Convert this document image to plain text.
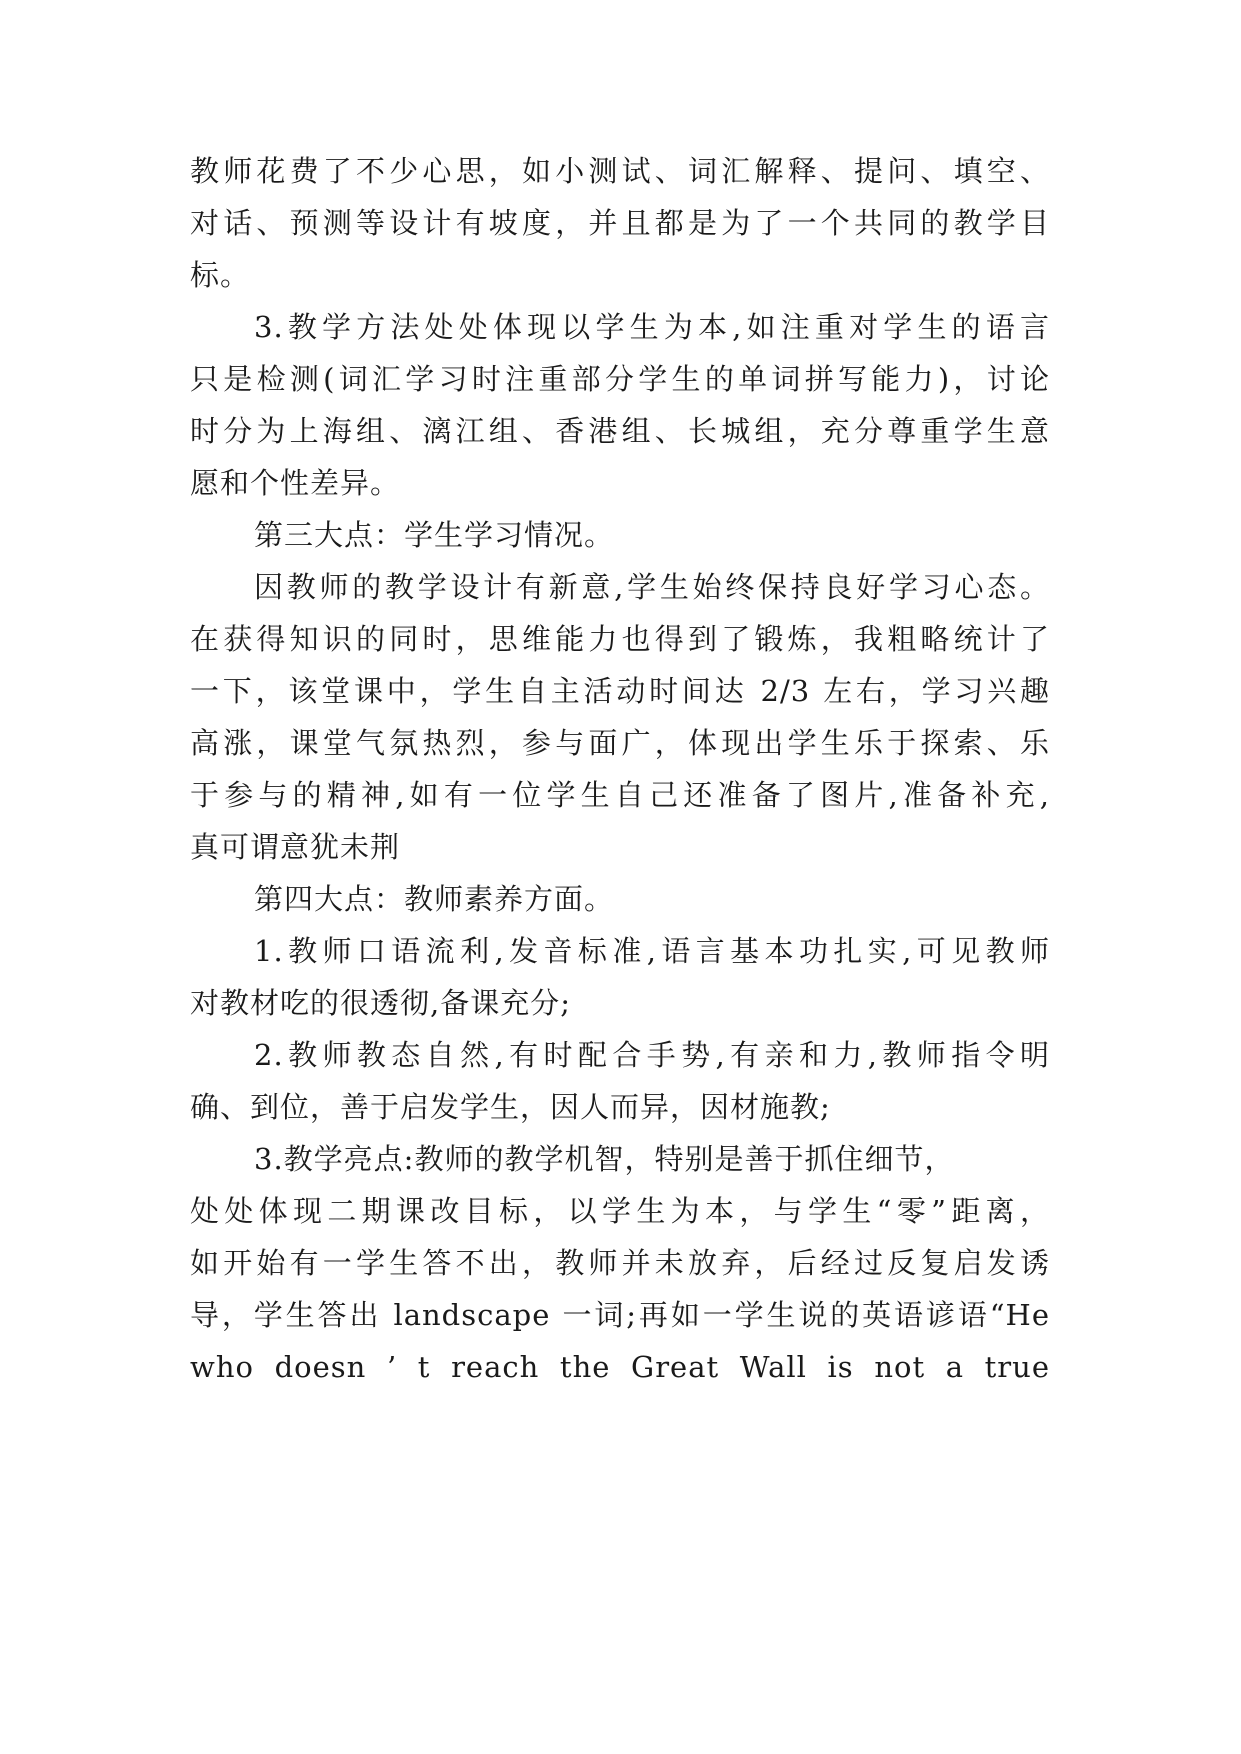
教师花费了不少心思，如小测试、词汇解释、提问、填空、
对话、预测等设计有坡度，并且都是为了一个共同的教学目
标。
3.教学方法处处体现以学生为本,如注重对学生的语言
只是检测(词汇学习时注重部分学生的单词拼写能力)，讨论
时分为上海组、漓江组、香港组、长城组，充分尊重学生意
愿和个性差异。
第三大点：学生学习情况。
因教师的教学设计有新意,学生始终保持良好学习心态。
在获得知识的同时，思维能力也得到了锻炼，我粗略统计了
一下，该堂课中，学生自主活动时间达 2/3 左右，学习兴趣
高涨，课堂气氛热烈，参与面广，体现出学生乐于探索、乐
于参与的精神,如有一位学生自己还准备了图片,准备补充,
真可谓意犹未荆
第四大点：教师素养方面。
1.教师口语流利,发音标准,语言基本功扎实,可见教师
对教材吃的很透彻,备课充分;
2.教师教态自然,有时配合手势,有亲和力,教师指令明
确、到位，善于启发学生，因人而异，因材施教;
3.教学亮点:教师的教学机智，特别是善于抓住细节，
处处体现二期课改目标，以学生为本，与学生“零”距离，
如开始有一学生答不出，教师并未放弃，后经过反复启发诱
导，学生答出 landscape 一词;再如一学生说的英语谚语“He
who doesn ’ t reach the Great Wall is not a true
